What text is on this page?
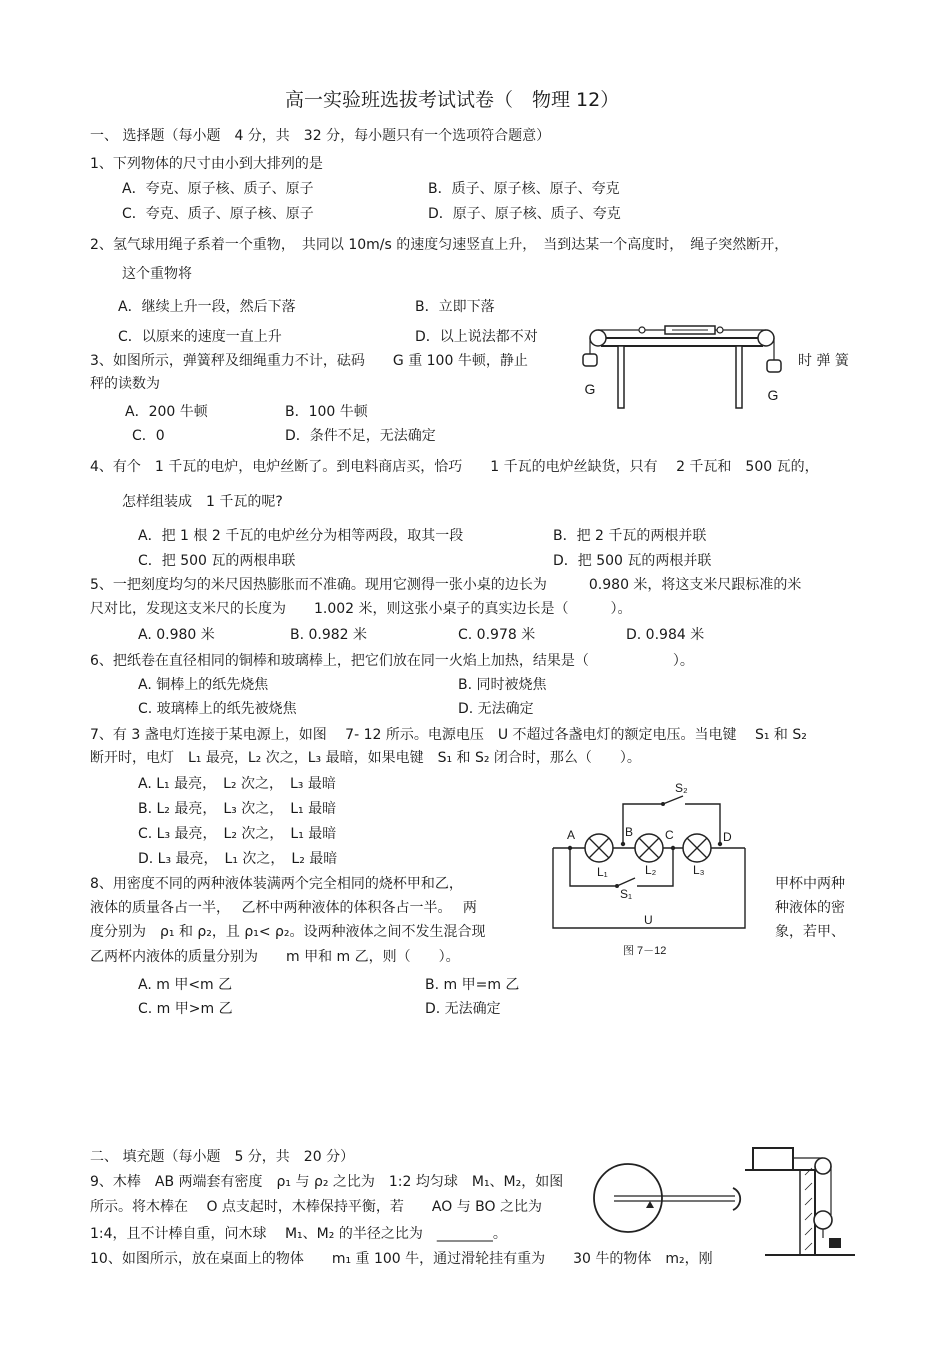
高一实验班选拔考试试卷（　物理 12）
一、 选择题（每小题　4 分，共　32 分，每小题只有一个选项符合题意）
1、下列物体的尺寸由小到大排列的是
A．夸克、原子核、质子、原子	B．质子、原子核、原子、夸克
C．夸克、质子、原子核、原子	D．原子、原子核、质子、夸克
2、氢气球用绳子系着一个重物，　共同以 10m/s 的速度匀速竖直上升，　当到达某一个高度时，　绳子突然断开，
这个重物将
A．继续上升一段，然后下落	B．立即下落
C．以原来的速度一直上升	D．以上说法都不对
G	G
3、如图所示，弹簧秤及细绳重力不计，砝码　　G 重 100 牛顿，静止	时 弹 簧
秤的读数为
A．200 牛顿	B．100 牛顿
C．0	D．条件不足，无法确定
4、有个　1 千瓦的电炉，电炉丝断了。到电料商店买，恰巧　　1 千瓦的电炉丝缺货，只有　 2 千瓦和　500 瓦的，
怎样组装成　1 千瓦的呢?
A．把 1 根 2 千瓦的电炉丝分为相等两段，取其一段	B．把 2 千瓦的两根并联
C．把 500 瓦的两根串联	D．把 500 瓦的两根并联
5、一把刻度均匀的米尺因热膨胀而不准确。现用它测得一张小桌的边长为　　　0.980 米，将这支米尺跟标准的米
尺对比，发现这支米尺的长度为　　1.002 米，则这张小桌子的真实边长是（　　　）。
A. 0.980 米	B. 0.982 米	C. 0.978 米	D. 0.984 米
6、把纸卷在直径相同的铜棒和玻璃棒上，把它们放在同一火焰上加热，结果是（　　　　　　）。
A. 铜棒上的纸先烧焦	B. 同时被烧焦
C. 玻璃棒上的纸先被烧焦	D. 无法确定
7、有 3 盏电灯连接于某电源上，如图　 7- 12 所示。电源电压　U 不超过各盏电灯的额定电压。当电键　 S₁ 和 S₂
断开时，电灯　L₁ 最亮，L₂ 次之，L₃ 最暗，如果电键　S₁ 和 S₂ 闭合时，那么（　　）。
A. L₁ 最亮，　L₂ 次之，　L₃ 最暗
B. L₂ 最亮，　L₃ 次之，　L₁ 最暗
C. L₃ 最亮，　L₂ 次之，　L₁ 最暗
D. L₃ 最亮，　L₁ 次之，　L₂ 最暗
S₂
A	B	C	D
L₁	L₂	L₃
S₁
U
图 7－12
8、用密度不同的两种液体装满两个完全相同的烧杯甲和乙，	甲杯中两种
液体的质量各占一半，　 乙杯中两种液体的体积各占一半。　 两	种液体的密
度分别为　ρ₁ 和 ρ₂，且 ρ₁< ρ₂。设两种液体之间不发生混合现	象，若甲、
乙两杯内液体的质量分别为　　m 甲和 m 乙，则（　　）。
A. m 甲<m 乙	B. m 甲=m 乙
C. m 甲>m 乙	D. 无法确定
二、 填充题（每小题　5 分，共　20 分）
9、木棒　AB 两端套有密度　ρ₁ 与 ρ₂ 之比为　1:2 均匀球　M₁、M₂，如图
所示。将木棒在　 O 点支起时，木棒保持平衡，若　　AO 与 BO 之比为
1:4，且不计棒自重，问木球　 M₁、M₂ 的半径之比为　________。
10、如图所示，放在桌面上的物体　　m₁ 重 100 牛，通过滑轮挂有重为　　30 牛的物体　m₂，刚
